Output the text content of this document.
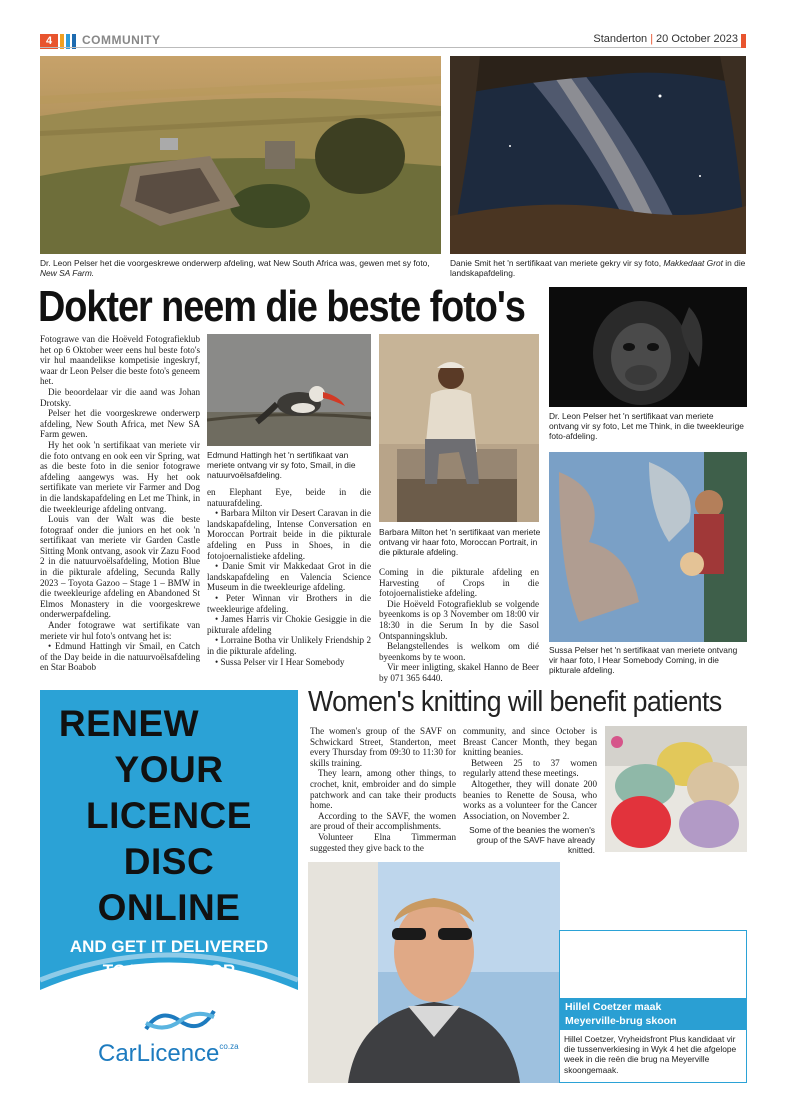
4	COMMUNITY	Standerton | 20 October 2023
Dr. Leon Pelser het die voorgeskrewe onderwerp afdeling, wat New South Africa was, gewen met sy foto, New SA Farm.
Danie Smit het 'n sertifikaat van meriete gekry vir sy foto, Makkedaat Grot in die landskapafdeling.
Dokter neem die beste foto's

Fotograwe van die Hoëveld Fotografieklub het op 6 Oktober weer eens hul beste foto's vir hul maandelikse kompetisie ingeskryf, waar dr Leon Pelser die beste foto's geneem het.

Die beoordelaar vir die aand was Johan Drotsky.

Pelser het die voorgeskrewe onderwerp afdeling, New South Africa, met New SA Farm gewen.

Hy het ook 'n sertifikaat van meriete vir die foto ontvang en ook een vir Spring, wat as die beste foto in die senior fotograwe afdeling aangewys was. Hy het ook sertifikate van meriete vir Farmer and Dog in die landskapafdeling en Let me Think, in die tweekleurige afdeling ontvang.

Louis van der Walt was die beste fotograaf onder die juniors en het ook 'n sertifikaat van meriete vir Garden Castle Sitting Monk ontvang, asook vir Zazu Food 2 in die natuurvoëlsafdeling, Motion Blue in die pikturale afdeling, Secunda Rally 2023 – Toyota Gazoo – Stage 1 – BMW in die tweekleurige afdeling en Abandoned St Elmos Monastery in die voorgeskrewe onderwerpafdeling.

Ander fotograwe wat sertifikate van meriete vir hul foto's ontvang het is:

• Edmund Hattingh vir Smail, en Catch of the Day beide in die natuurvoëlsafdeling en Star Boabob

Edmund Hattingh het 'n sertifikaat van meriete ontvang vir sy foto, Smail, in die natuurvoëlsafdeling.

en Elephant Eye, beide in die natuurafdeling.

• Barbara Milton vir Desert Caravan in die landskapafdeling, Intense Conversation en Moroccan Portrait beide in die pikturale afdeling en Puss in Shoes, in die fotojoernalistieke afdeling.

• Danie Smit vir Makkedaat Grot in die landskapafdeling en Valencia Science Museum in die tweekleurige afdeling.

• Peter Winnan vir Brothers in die tweekleurige afdeling.

• James Harris vir Chokie Gesiggie in die pikturale afdeling

• Lorraine Botha vir Unlikely Friendship 2 in die pikturale afdeling.

• Sussa Pelser vir I Hear Somebody

Barbara Milton het 'n sertifikaat van meriete ontvang vir haar foto, Moroccan Portrait, in die pikturale afdeling.

Coming in die pikturale afdeling en Harvesting of Crops in die fotojoernalistieke afdeling.

Die Hoëveld Fotografieklub se volgende byeenkoms is op 3 November om 18:00 vir 18:30 in die Serum In by die Sasol Ontspanningsklub.

Belangstellendes is welkom om dié byeenkoms by te woon.

Vir meer inligting, skakel Hanno de Beer by 071 365 6440.

Dr. Leon Pelser het 'n sertifikaat van meriete ontvang vir sy foto, Let me Think, in die tweekleurige foto-afdeling.
Sussa Pelser het 'n sertifikaat van meriete ontvang vir haar foto, I Hear Somebody Coming, in die pikturale afdeling.
RENEW
YOUR
LICENCE
DISC
ONLINE
AND GET IT DELIVERED
TO YOUR DOOR
CarLicence$^{co.za}$
Women's knitting will benefit patients

The women's group of the SAVF on Schwickard Street, Standerton, meet every Thursday from 09:30 to 11:30 for skills training.

They learn, among other things, to crochet, knit, embroider and do simple patchwork and can take their products home.

According to the SAVF, the women are proud of their accomplishments.

Volunteer Elna Timmerman suggested they give back to the

community, and since October is Breast Cancer Month, they began knitting beanies.

Between 25 to 37 women regularly attend these meetings.

Altogether, they will donate 200 beanies to Renette de Sousa, who works as a volunteer for the Cancer Association, on November 2.

Some of the beanies the women's group of the SAVF have already knitted.
Hillel Coetzer maak
Meyerville-brug skoon
Hillel Coetzer, Vryheidsfront Plus kandidaat vir die tussenverkiesing in Wyk 4 het die afgelope week in die reën die brug na Meyerville skoongemaak.
